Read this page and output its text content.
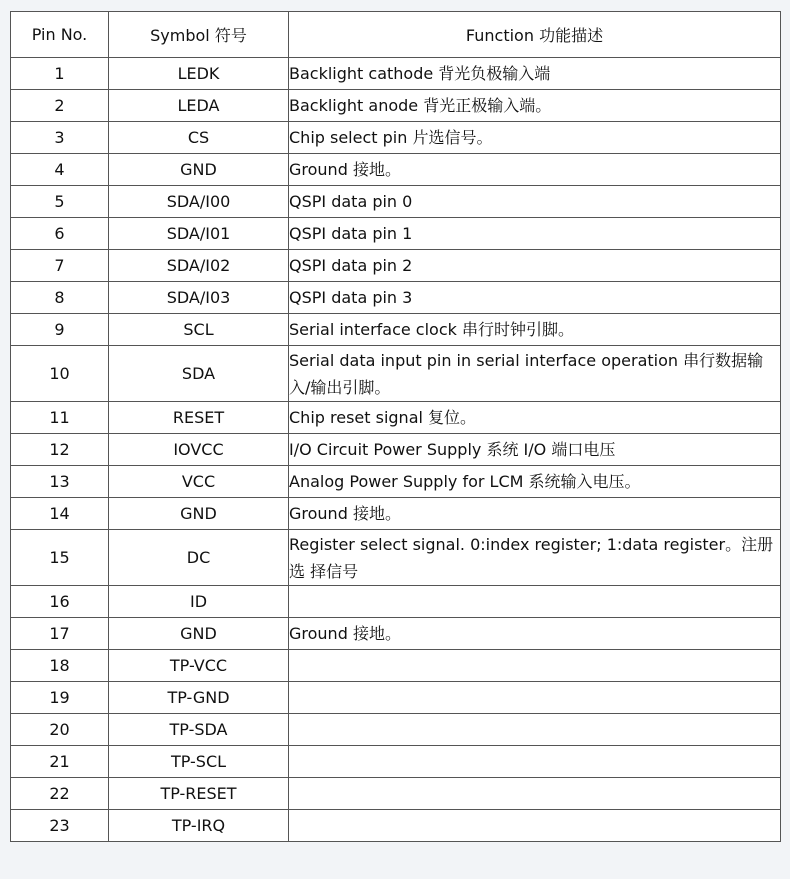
Pin No.	Symbol 符号	Function 功能描述
1	LEDK	Backlight cathode 背光负极输入端
2	LEDA	Backlight anode 背光正极输入端。
3	CS	Chip select pin 片选信号。
4	GND	Ground 接地。
5	SDA/I00	QSPI data pin 0
6	SDA/I01	QSPI data pin 1
7	SDA/I02	QSPI data pin 2
8	SDA/I03	QSPI data pin 3
9	SCL	Serial interface clock 串行时钟引脚。
10	SDA	Serial data input pin in serial interface operation 串行数据输入/输出引脚。
11	RESET	Chip reset signal 复位。
12	IOVCC	I/O Circuit Power Supply 系统 I/O 端口电压
13	VCC	Analog Power Supply for LCM 系统输入电压。
14	GND	Ground 接地。
15	DC	Register select signal. 0:index register; 1:data register。注册选 择信号
16	ID	
17	GND	Ground 接地。
18	TP-VCC	
19	TP-GND	
20	TP-SDA	
21	TP-SCL	
22	TP-RESET	
23	TP-IRQ	
